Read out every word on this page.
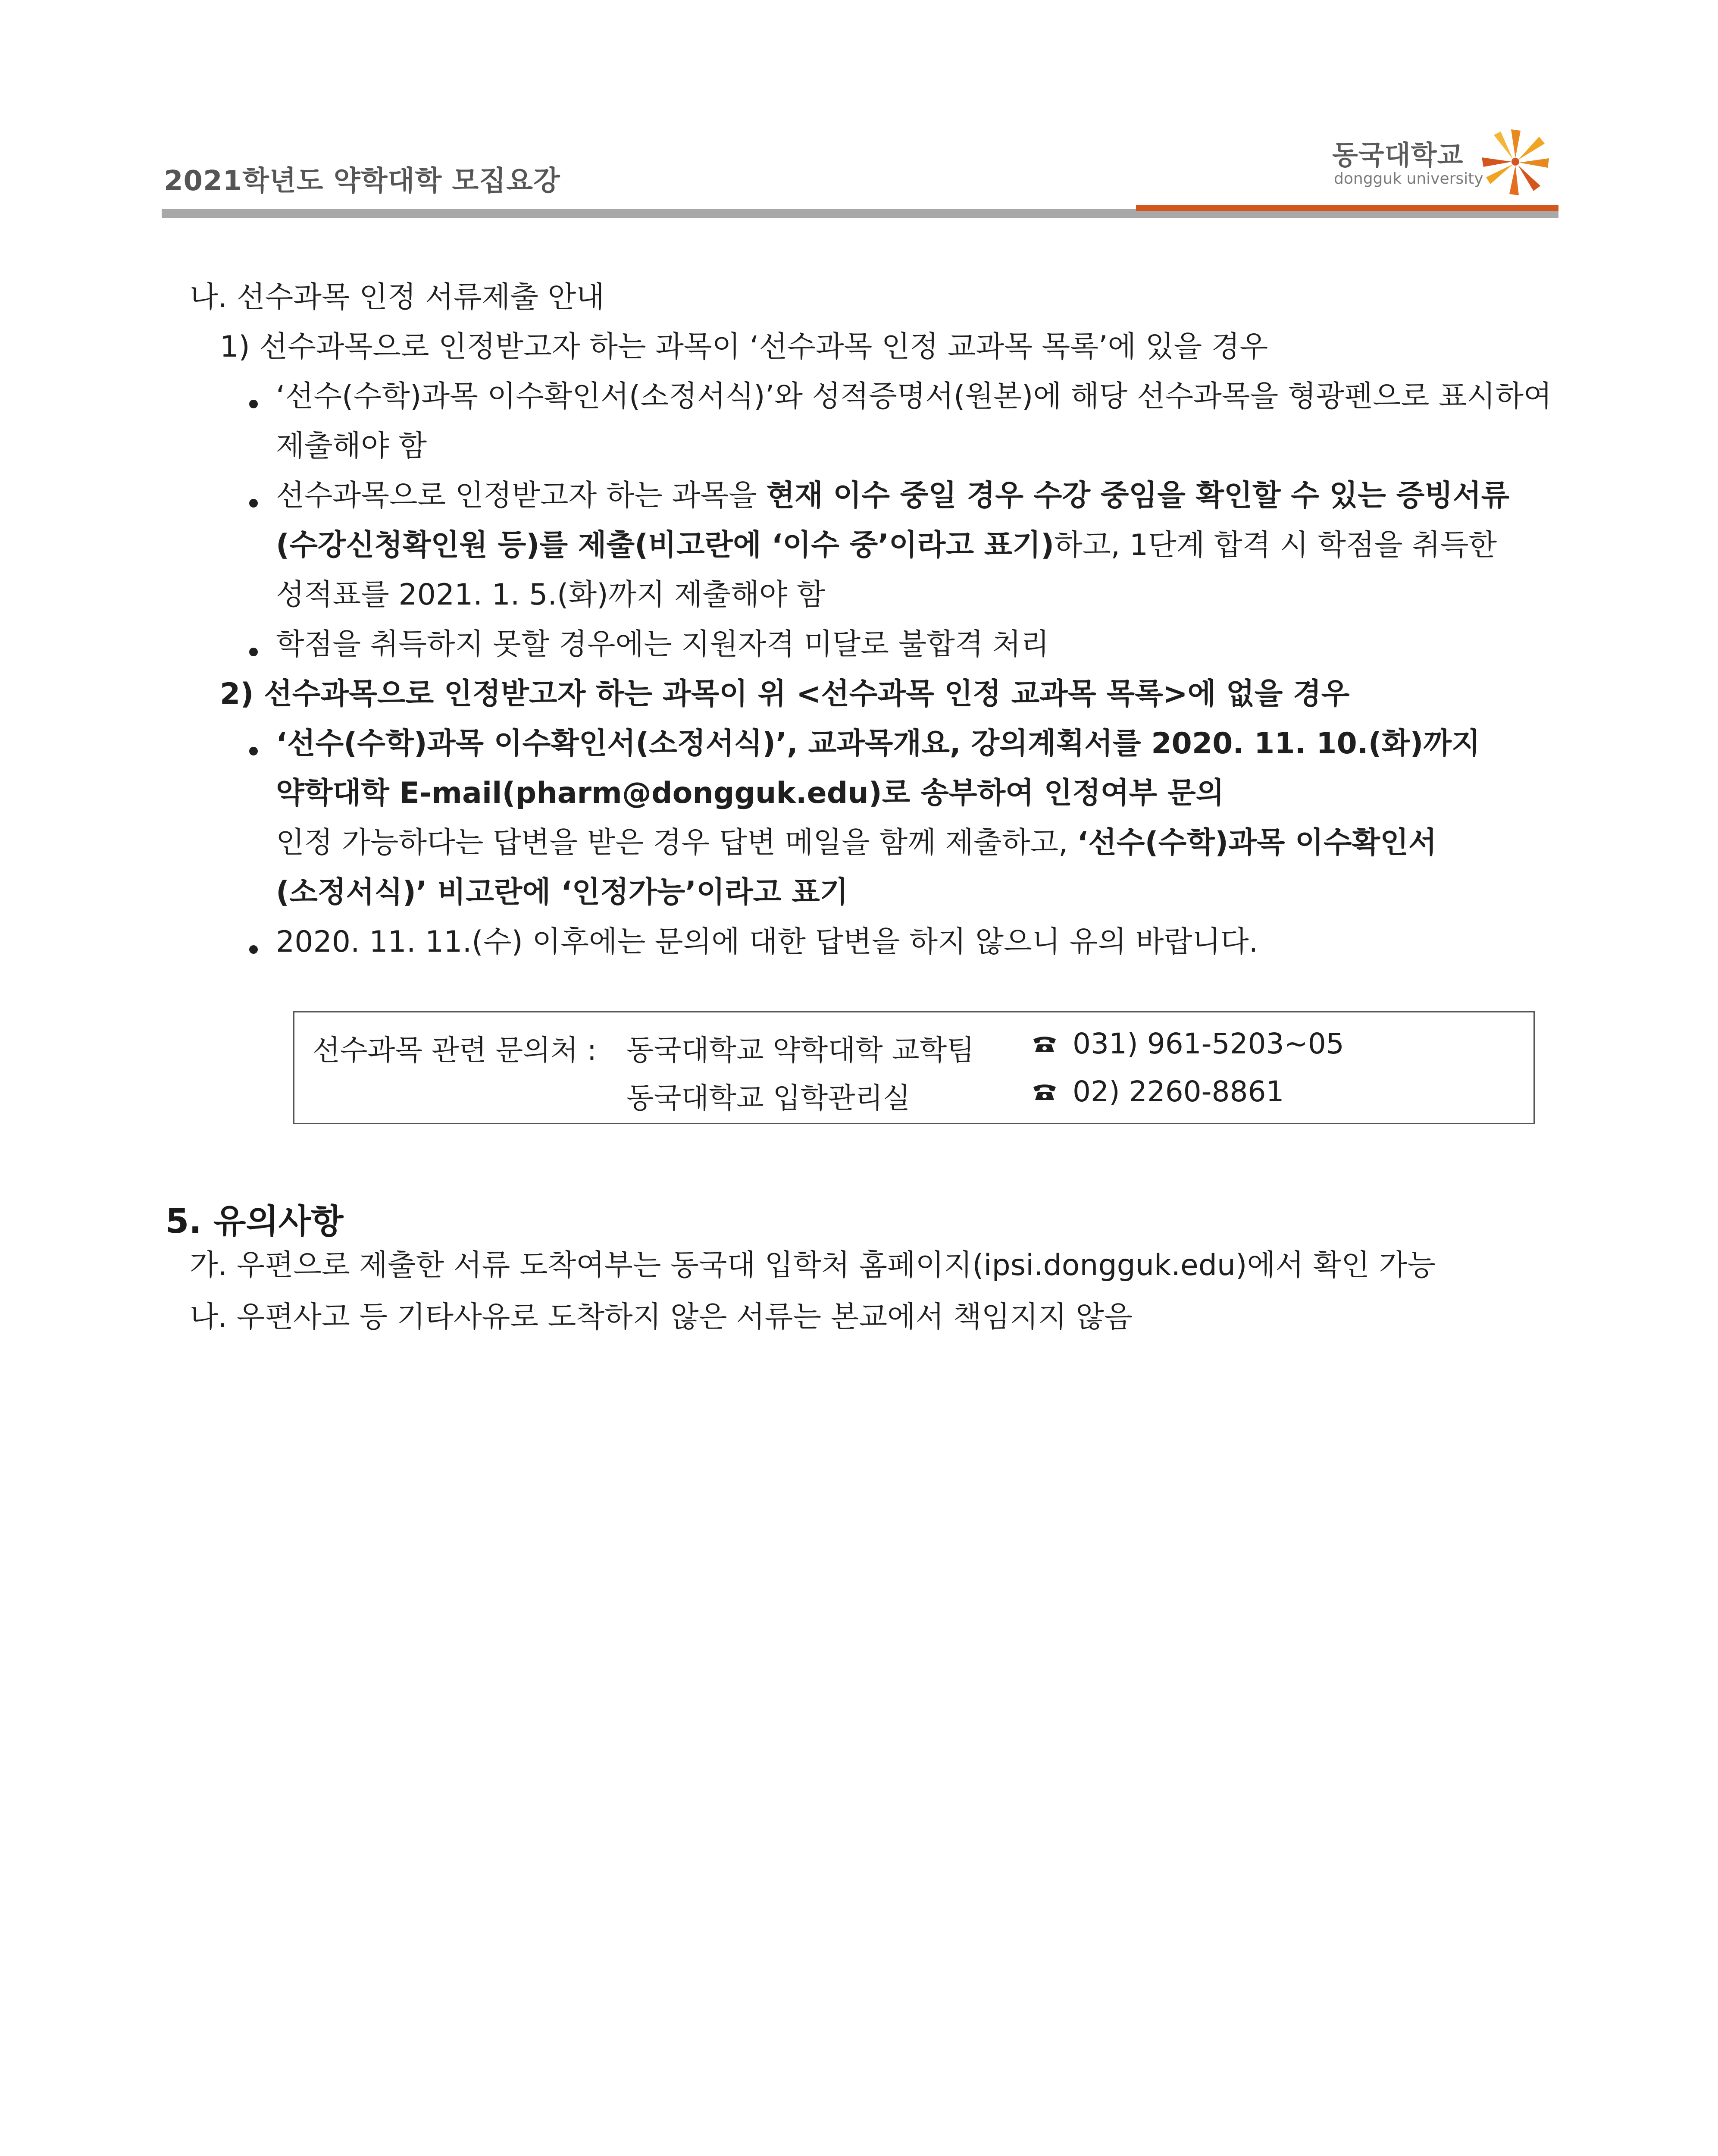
2021학년도 약학대학 모집요강
동국대학교
dongguk university
나. 선수과목 인정 서류제출 안내
1) 선수과목으로 인정받고자 하는 과목이 ‘선수과목 인정 교과목 목록’에 있을 경우
‘선수(수학)과목 이수확인서(소정서식)’와 성적증명서(원본)에 해당 선수과목을 형광펜으로 표시하여
제출해야 함
선수과목으로 인정받고자 하는 과목을 현재 이수 중일 경우 수강 중임을 확인할 수 있는 증빙서류
(수강신청확인원 등)를 제출(비고란에 ‘이수 중’이라고 표기)하고, 1단계 합격 시 학점을 취득한
성적표를 2021. 1. 5.(화)까지 제출해야 함
학점을 취득하지 못할 경우에는 지원자격 미달로 불합격 처리
2) 선수과목으로 인정받고자 하는 과목이 위 <선수과목 인정 교과목 목록>에 없을 경우
‘선수(수학)과목 이수확인서(소정서식)’, 교과목개요, 강의계획서를 2020. 11. 10.(화)까지
약학대학 E-mail(pharm@dongguk.edu)로 송부하여 인정여부 문의
인정 가능하다는 답변을 받은 경우 답변 메일을 함께 제출하고, ‘선수(수학)과목 이수확인서
(소정서식)’ 비고란에 ‘인정가능’이라고 표기
2020. 11. 11.(수) 이후에는 문의에 대한 답변을 하지 않으니 유의 바랍니다.
선수과목 관련 문의처 : 동국대학교 약학대학 교학팀	031) 961-5203~05
동국대학교 입학관리실	02) 2260-8861
5. 유의사항
가. 우편으로 제출한 서류 도착여부는 동국대 입학처 홈페이지(ipsi.dongguk.edu)에서 확인 가능
나. 우편사고 등 기타사유로 도착하지 않은 서류는 본교에서 책임지지 않음
